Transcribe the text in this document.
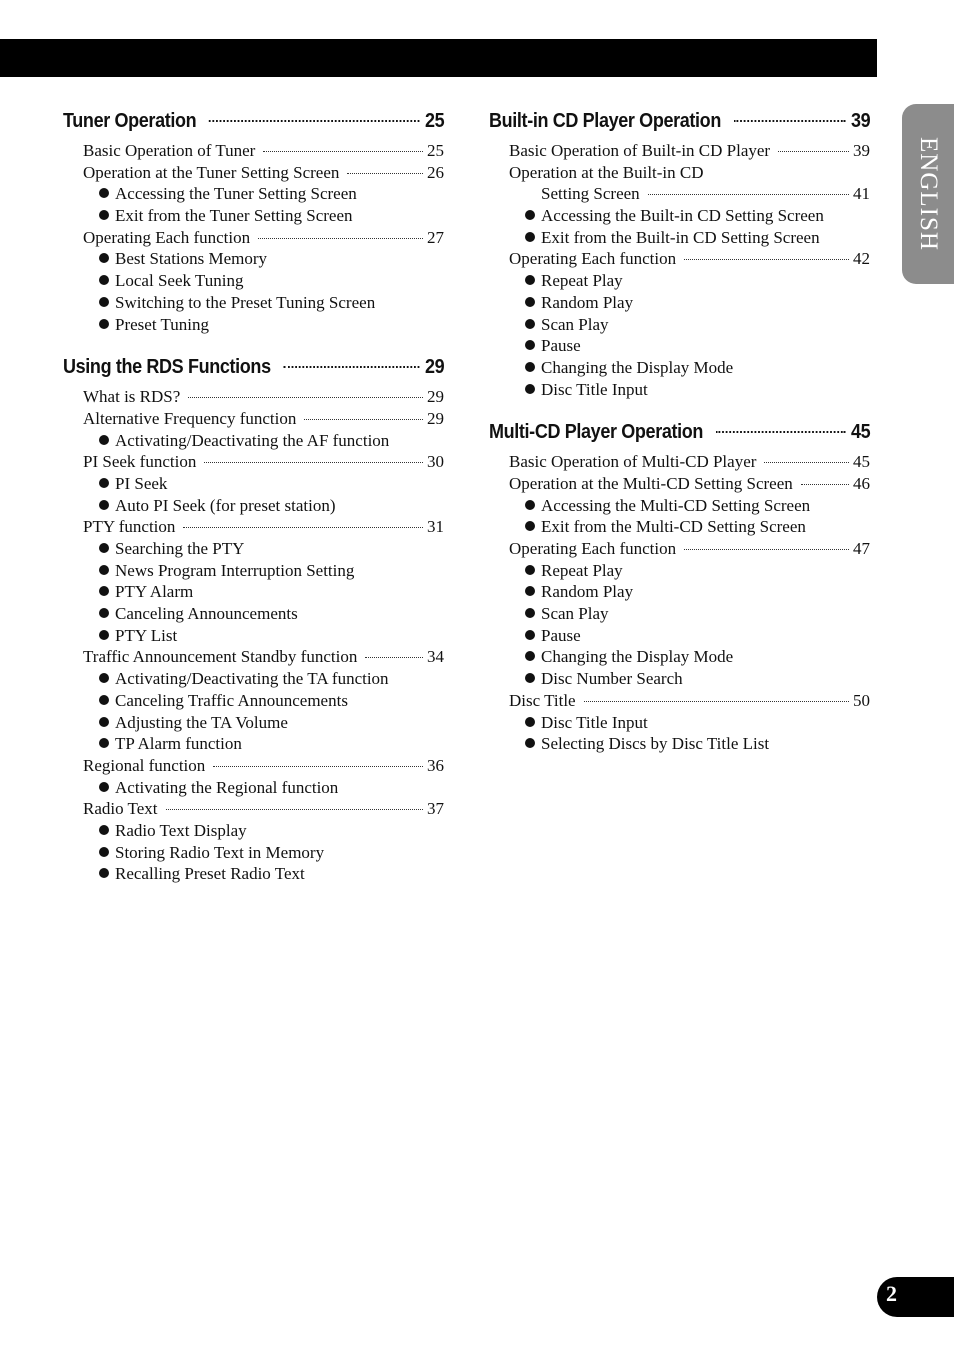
ENGLISH
Tuner Operation	25
Basic Operation of Tuner	25
Operation at the Tuner Setting Screen	26
Accessing the Tuner Setting Screen
Exit from the Tuner Setting Screen
Operating Each function	27
Best Stations Memory
Local Seek Tuning
Switching to the Preset Tuning Screen
Preset Tuning
Using the RDS Functions	29
What is RDS?	29
Alternative Frequency function	29
Activating/Deactivating the AF function
PI Seek function	30
PI Seek
Auto PI Seek (for preset station)
PTY function	31
Searching the PTY
News Program Interruption Setting
PTY Alarm
Canceling Announcements
PTY List
Traffic Announcement Standby function	34
Activating/Deactivating the TA function
Canceling Traffic Announcements
Adjusting the TA Volume
TP Alarm function
Regional function	36
Activating the Regional function
Radio Text	37
Radio Text Display
Storing Radio Text in Memory
Recalling Preset Radio Text
Built-in CD Player Operation	39
Basic Operation of Built-in CD Player	39
Operation at the Built-in CD
Setting Screen	41
Accessing the Built-in CD Setting Screen
Exit from the Built-in CD Setting Screen
Operating Each function	42
Repeat Play
Random Play
Scan Play
Pause
Changing the Display Mode
Disc Title Input
Multi-CD Player Operation	45
Basic Operation of Multi-CD Player	45
Operation at the Multi-CD Setting Screen	46
Accessing the Multi-CD Setting Screen
Exit from the Multi-CD Setting Screen
Operating Each function	47
Repeat Play
Random Play
Scan Play
Pause
Changing the Display Mode
Disc Number Search
Disc Title	50
Disc Title Input
Selecting Discs by Disc Title List
2
